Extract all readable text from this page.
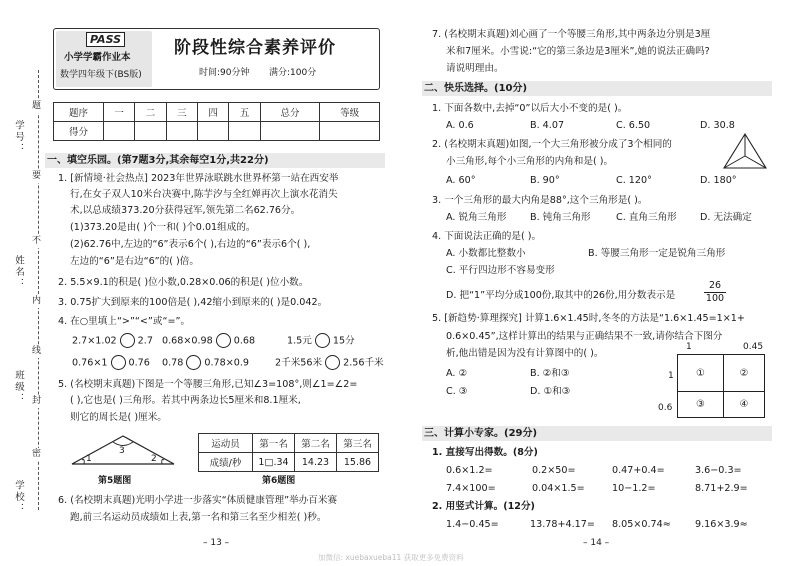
学号：
姓名：
班级：
学校：
题
要
不
内
线
封
密
PASS
小学学霸作业本
数学四年级下(BS版)
阶段性综合素养评价
时间:90分钟 满分:100分
题序	一	二	三	四	五	总分	等级
得分							
一、填空乐园。(第7题3分,其余每空1分,共22分)
1. [新情境·社会热点] 2023年世界泳联跳水世界杯第一站在西安举
行,在女子双人10米台决赛中,陈芋汐与全红婵再次上演水花消失
术,以总成绩373.20分获得冠军,领先第二名62.76分。
(1)373.20是由( )个一和( )个0.01组成的。
(2)62.76中,左边的“6”表示6个( ),右边的“6”表示6个( ),
左边的“6”是右边“6”的( )倍。
2. 5.5×9.1的积是( )位小数,0.28×0.06的积是( )位小数。
3. 0.75扩大到原来的100倍是( ),42缩小到原来的( )是0.042。
4. 在○里填上“>”“<”或“=”。
2.7×1.02 2.7 0.68×0.98 0.68	1.5元 15分
0.76×1 0.76 0.78 0.78×0.9	2千米56米 2.56千米
5. (名校期末真题)下图是一个等腰三角形,已知∠3=108°,则∠1=∠2=
( ),它也是( )三角形。若其中两条边长5厘米和8.1厘米,
则它的周长是( )厘米。
3
1	2
第5题图
运动员	第一名	第二名	第三名
成绩/秒	1□.34	14.23	15.86
第6题图
6. (名校期末真题)光明小学进一步落实“体质健康管理”举办百米赛
跑,前三名运动员成绩如上表,第一名和第三名至少相差( )秒。
– 13 –
7. (名校期末真题)刘心画了一个等腰三角形,其中两条边分别是3厘
米和7厘米。小雪说:“它的第三条边是3厘米”,她的说法正确吗?
请说明理由。
二、快乐选择。(10分)
1. 下面各数中,去掉“0”以后大小不变的是( )。
A. 0.6	B. 4.07	C. 6.50	D. 30.8
2. (名校期末真题)如图,一个大三角形被分成了3个相同的
小三角形,每个小三角形的内角和是( )。
A. 60°	B. 90°	C. 120°	D. 180°
3. 一个三角形的最大内角是88°,这个三角形是( )。
A. 锐角三角形 B. 钝角三角形	C. 直角三角形 D. 无法确定
4. 下面说法正确的是( )。
A. 小数都比整数小	B. 等腰三角形一定是锐角三角形
C. 平行四边形不容易变形
D. 把“1”平均分成100份,取其中的26份,用分数表示是	$\frac{26}{100}$
5. [新趋势·算理探究] 计算1.6×1.45时,冬冬的方法是“1.6×1.45=1×1+
0.6×0.45”,这样计算出的结果与正确结果不一致,请你结合下图分
析,他出错是因为没有计算图中的( )。
A. ②	B. ②和③
C. ③	D. ①和③
1	0.45
1
0.6
①	②
③	④
三、计算小专家。(29分)
1. 直接写出得数。(8分)
0.6×1.2=	0.2×50=	0.47+0.4=	3.6−0.3=
7.4×100=	0.04×1.5=	10−1.2=	8.71+2.9=
2. 用竖式计算。(12分)
1.4−0.45=	13.78+4.17= 8.05×0.74≈	9.16×3.9≈
– 14 –
加微信: xuebaxueba11 获取更多免费资料
